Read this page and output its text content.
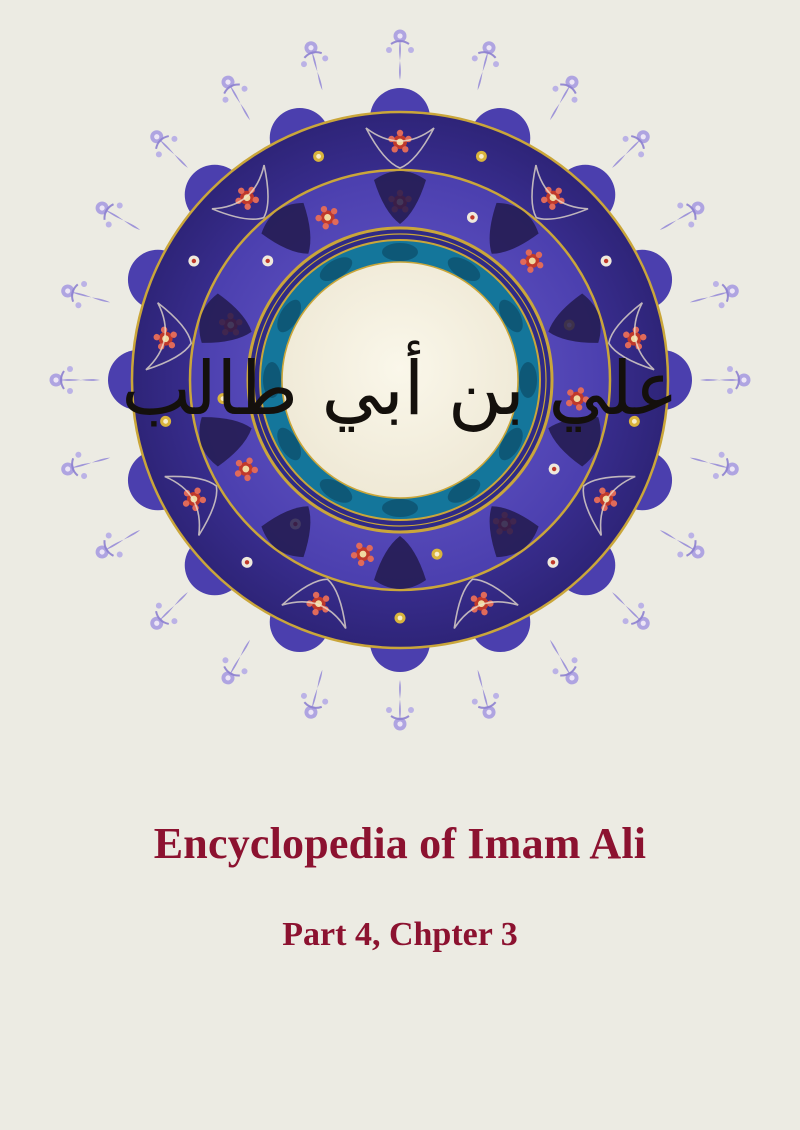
علي بن أبي طالب
Encyclopedia of Imam Ali
Part 4, Chpter 3
